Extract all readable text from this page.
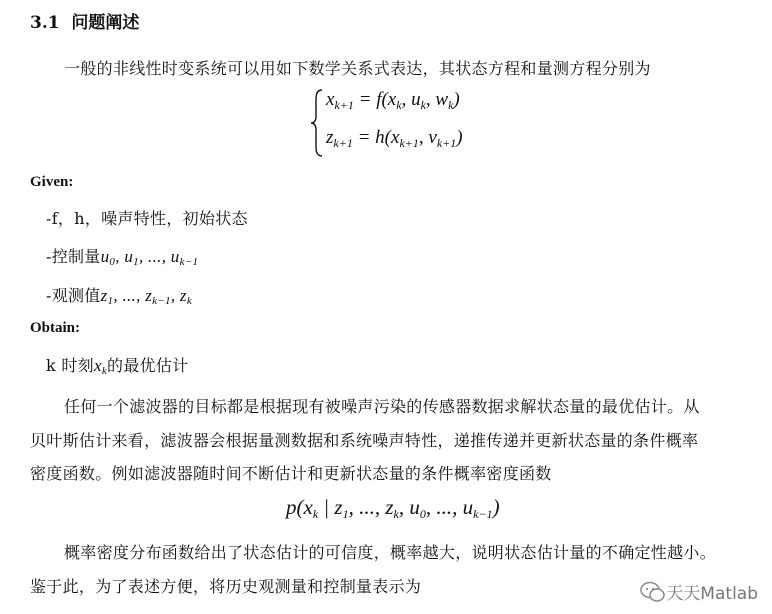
3.1 问题阐述
一般的非线性时变系统可以用如下数学关系式表达，其状态方程和量测方程分别为
$x_{k+1} = f(x_k$, $u_k$, $w_k$)
$z_{k+1} = h(x_{k+1}$, $v_{k+1}$)
Given:
-f，h，噪声特性，初始状态
-控制量$u_0$, $u_1$, ..., $u_{k-1}$
-观测值$z_1$, ..., $z_{k-1}$, $z_k$
Obtain:
k 时刻$x_k$的最优估计
任何一个滤波器的目标都是根据现有被噪声污染的传感器数据求解状态量的最优估计。从
贝叶斯估计来看，滤波器会根据量测数据和系统噪声特性，递推传递并更新状态量的条件概率
密度函数。例如滤波器随时间不断估计和更新状态量的条件概率密度函数
$p(x_k$ | $z_1$, ..., $z_k$, $u_0$, ..., $u_{k-1}$)
概率密度分布函数给出了状态估计的可信度，概率越大，说明状态估计量的不确定性越小。
鉴于此，为了表述方便，将历史观测量和控制量表示为	天天Matlab
